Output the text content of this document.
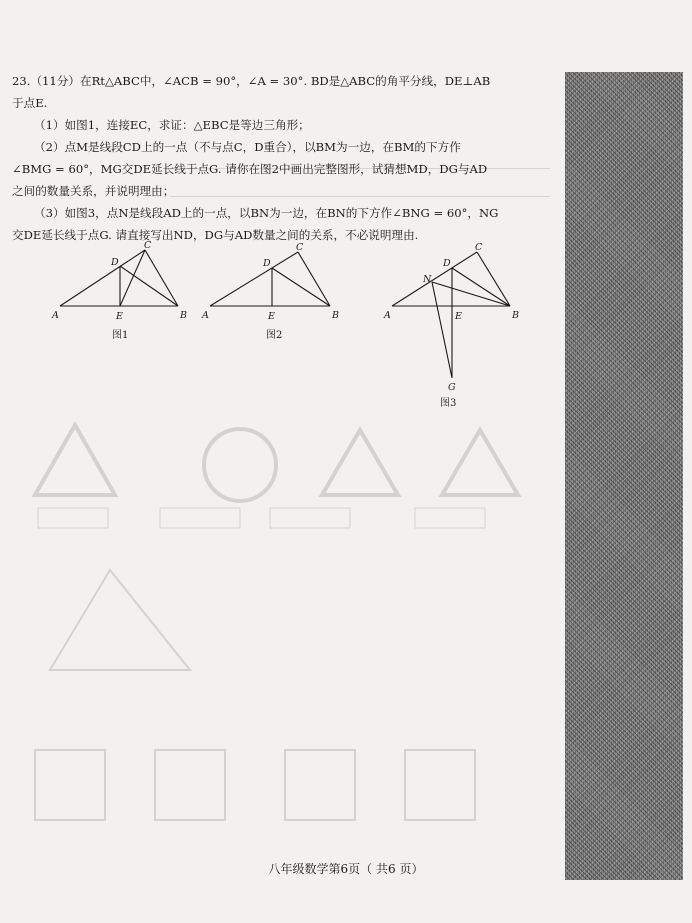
23.（11分）在Rt△ABC中，∠ACB = 90°，∠A = 30°. BD是△ABC的角平分线，DE⊥AB

于点E.

（1）如图1，连接EC，求证：△EBC是等边三角形；

（2）点M是线段CD上的一点（不与点C，D重合），以BM为一边，在BM的下方作

∠BMG = 60°，MG交DE延长线于点G. 请你在图2中画出完整图形，试猜想MD，DG与AD

之间的数量关系，并说明理由；

（3）如图3，点N是线段AD上的一点，以BN为一边，在BN的下方作∠BNG = 60°，NG

交DE延长线于点G. 请直接写出ND，DG与AD数量之间的关系，不必说明理由.

A	B
C
D
E	A	B
C
D
E	A	B
C
D
E
N
G
图1	图2
图3
八年级数学第6页（ 共6 页）
